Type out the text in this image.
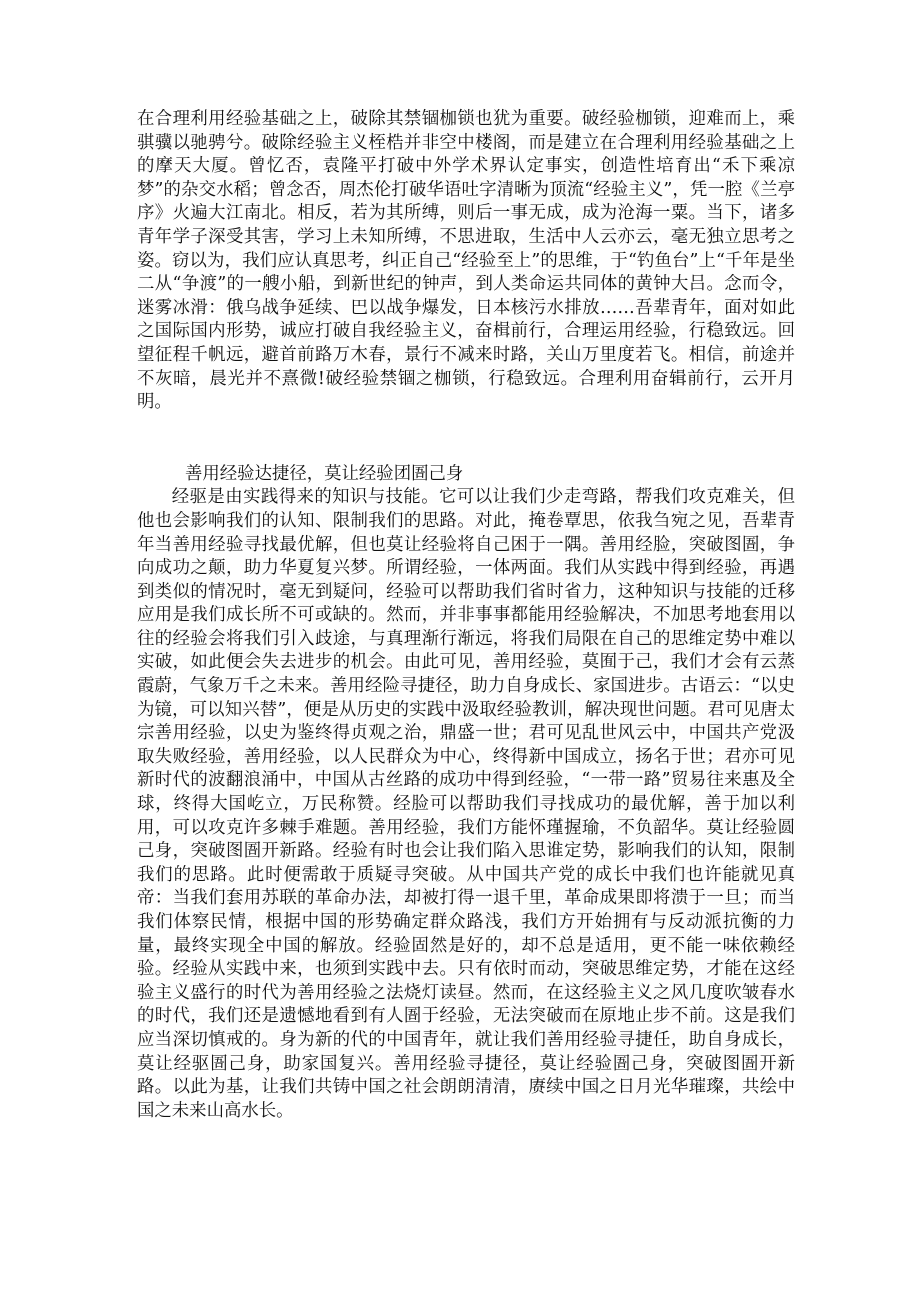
在合理利用经验基础之上，破除其禁锢枷锁也犹为重要。破经验枷锁，迎难而上，乘骐骥以驰骋兮。破除经验主义桎梏并非空中楼阁，而是建立在合理利用经验基础之上的摩天大厦。曾忆否，袁隆平打破中外学术界认定事实，创造性培育出“禾下乘凉梦”的杂交水稻；曾念否，周杰伦打破华语吐字清晰为顶流“经验主义”，凭一腔《兰亭序》火遍大江南北。相反，若为其所缚，则后一事无成，成为沧海一粟。当下，诸多青年学子深受其害，学习上未知所缚，不思进取，生活中人云亦云，毫无独立思考之姿。窃以为，我们应认真思考，纠正自己“经验至上”的思维，于“钓鱼台”上“千年是坐二从“争渡”的一艘小船，到新世纪的钟声，到人类命运共同体的黄钟大吕。念而令，迷雾冰滑：俄乌战争延续、巴以战争爆发，日本核污水排放……吾辈青年，面对如此之国际国内形势，诚应打破自我经验主义，奋楫前行，合理运用经验，行稳致远。回望征程千帆远，避首前路万木春，景行不减来时路，关山万里度若飞。相信，前途并不灰暗，晨光并不熹微!破经验禁锢之枷锁，行稳致远。合理利用奋辑前行，云开月明。

善用经验达捷径，莫让经验团圄己身

经驱是由实践得来的知识与技能。它可以让我们少走弯路，帮我们攻克难关，但他也会影响我们的认知、限制我们的思路。对此，掩卷覃思，依我刍宛之见，吾辈青年当善用经验寻找最优解，但也莫让经验将自己困于一隅。善用经脸，突破图圄，争向成功之颠，助力华夏复兴梦。所谓经验，一体两面。我们从实践中得到经验，再遇到类似的情况时，毫无到疑问，经验可以帮助我们省时省力，这种知识与技能的迁移应用是我们成长所不可或缺的。然而，并非事事都能用经验解决，不加思考地套用以往的经验会将我们引入歧途，与真理渐行渐远，将我们局限在自己的思维定势中难以实破，如此便会失去进步的机会。由此可见，善用经验，莫囿于己，我们才会有云蒸霞蔚，气象万千之未来。善用经险寻捷径，助力自身成长、家国进步。古语云：“以史为镜，可以知兴替”，便是从历史的实践中汲取经验教训，解决现世问题。君可见唐太宗善用经验，以史为鉴终得贞观之治，鼎盛一世；君可见乱世风云中，中国共产党汲取失败经验，善用经验，以人民群众为中心，终得新中国成立，扬名于世；君亦可见新时代的波翻浪涌中，中国从古丝路的成功中得到经验，“一带一路”贸易往来惠及全球，终得大国屹立，万民称赞。经脸可以帮助我们寻找成功的最优解，善于加以利用，可以攻克许多棘手难题。善用经验，我们方能怀瑾握瑜，不负韶华。莫让经验圆己身，突破图圄开新路。经验有时也会让我们陷入思谁定势，影响我们的认知，限制我们的思路。此时便需敢于质疑寻突破。从中国共产党的成长中我们也许能就见真帝：当我们套用苏联的革命办法，却被打得一退千里，革命成果即将溃于一旦；而当我们体察民情，根据中国的形势确定群众路浅，我们方开始拥有与反动派抗衡的力量，最终实现全中国的解放。经验固然是好的，却不总是适用，更不能一味依赖经验。经验从实践中来，也须到实践中去。只有依时而动，突破思维定势，才能在这经验主义盛行的时代为善用经验之法烧灯读昼。然而，在这经验主义之风几度吹皱春水的时代，我们还是遗憾地看到有人圄于经验，无法突破而在原地止步不前。这是我们应当深切慎戒的。身为新的代的中国青年，就让我们善用经验寻捷任，助自身成长，莫让经驱圄己身，助家国复兴。善用经验寻捷径，莫让经验圄己身，突破图圄开新路。以此为基，让我们共铸中国之社会朗朗清清，赓续中国之日月光华璀璨，共绘中国之未来山高水长。
